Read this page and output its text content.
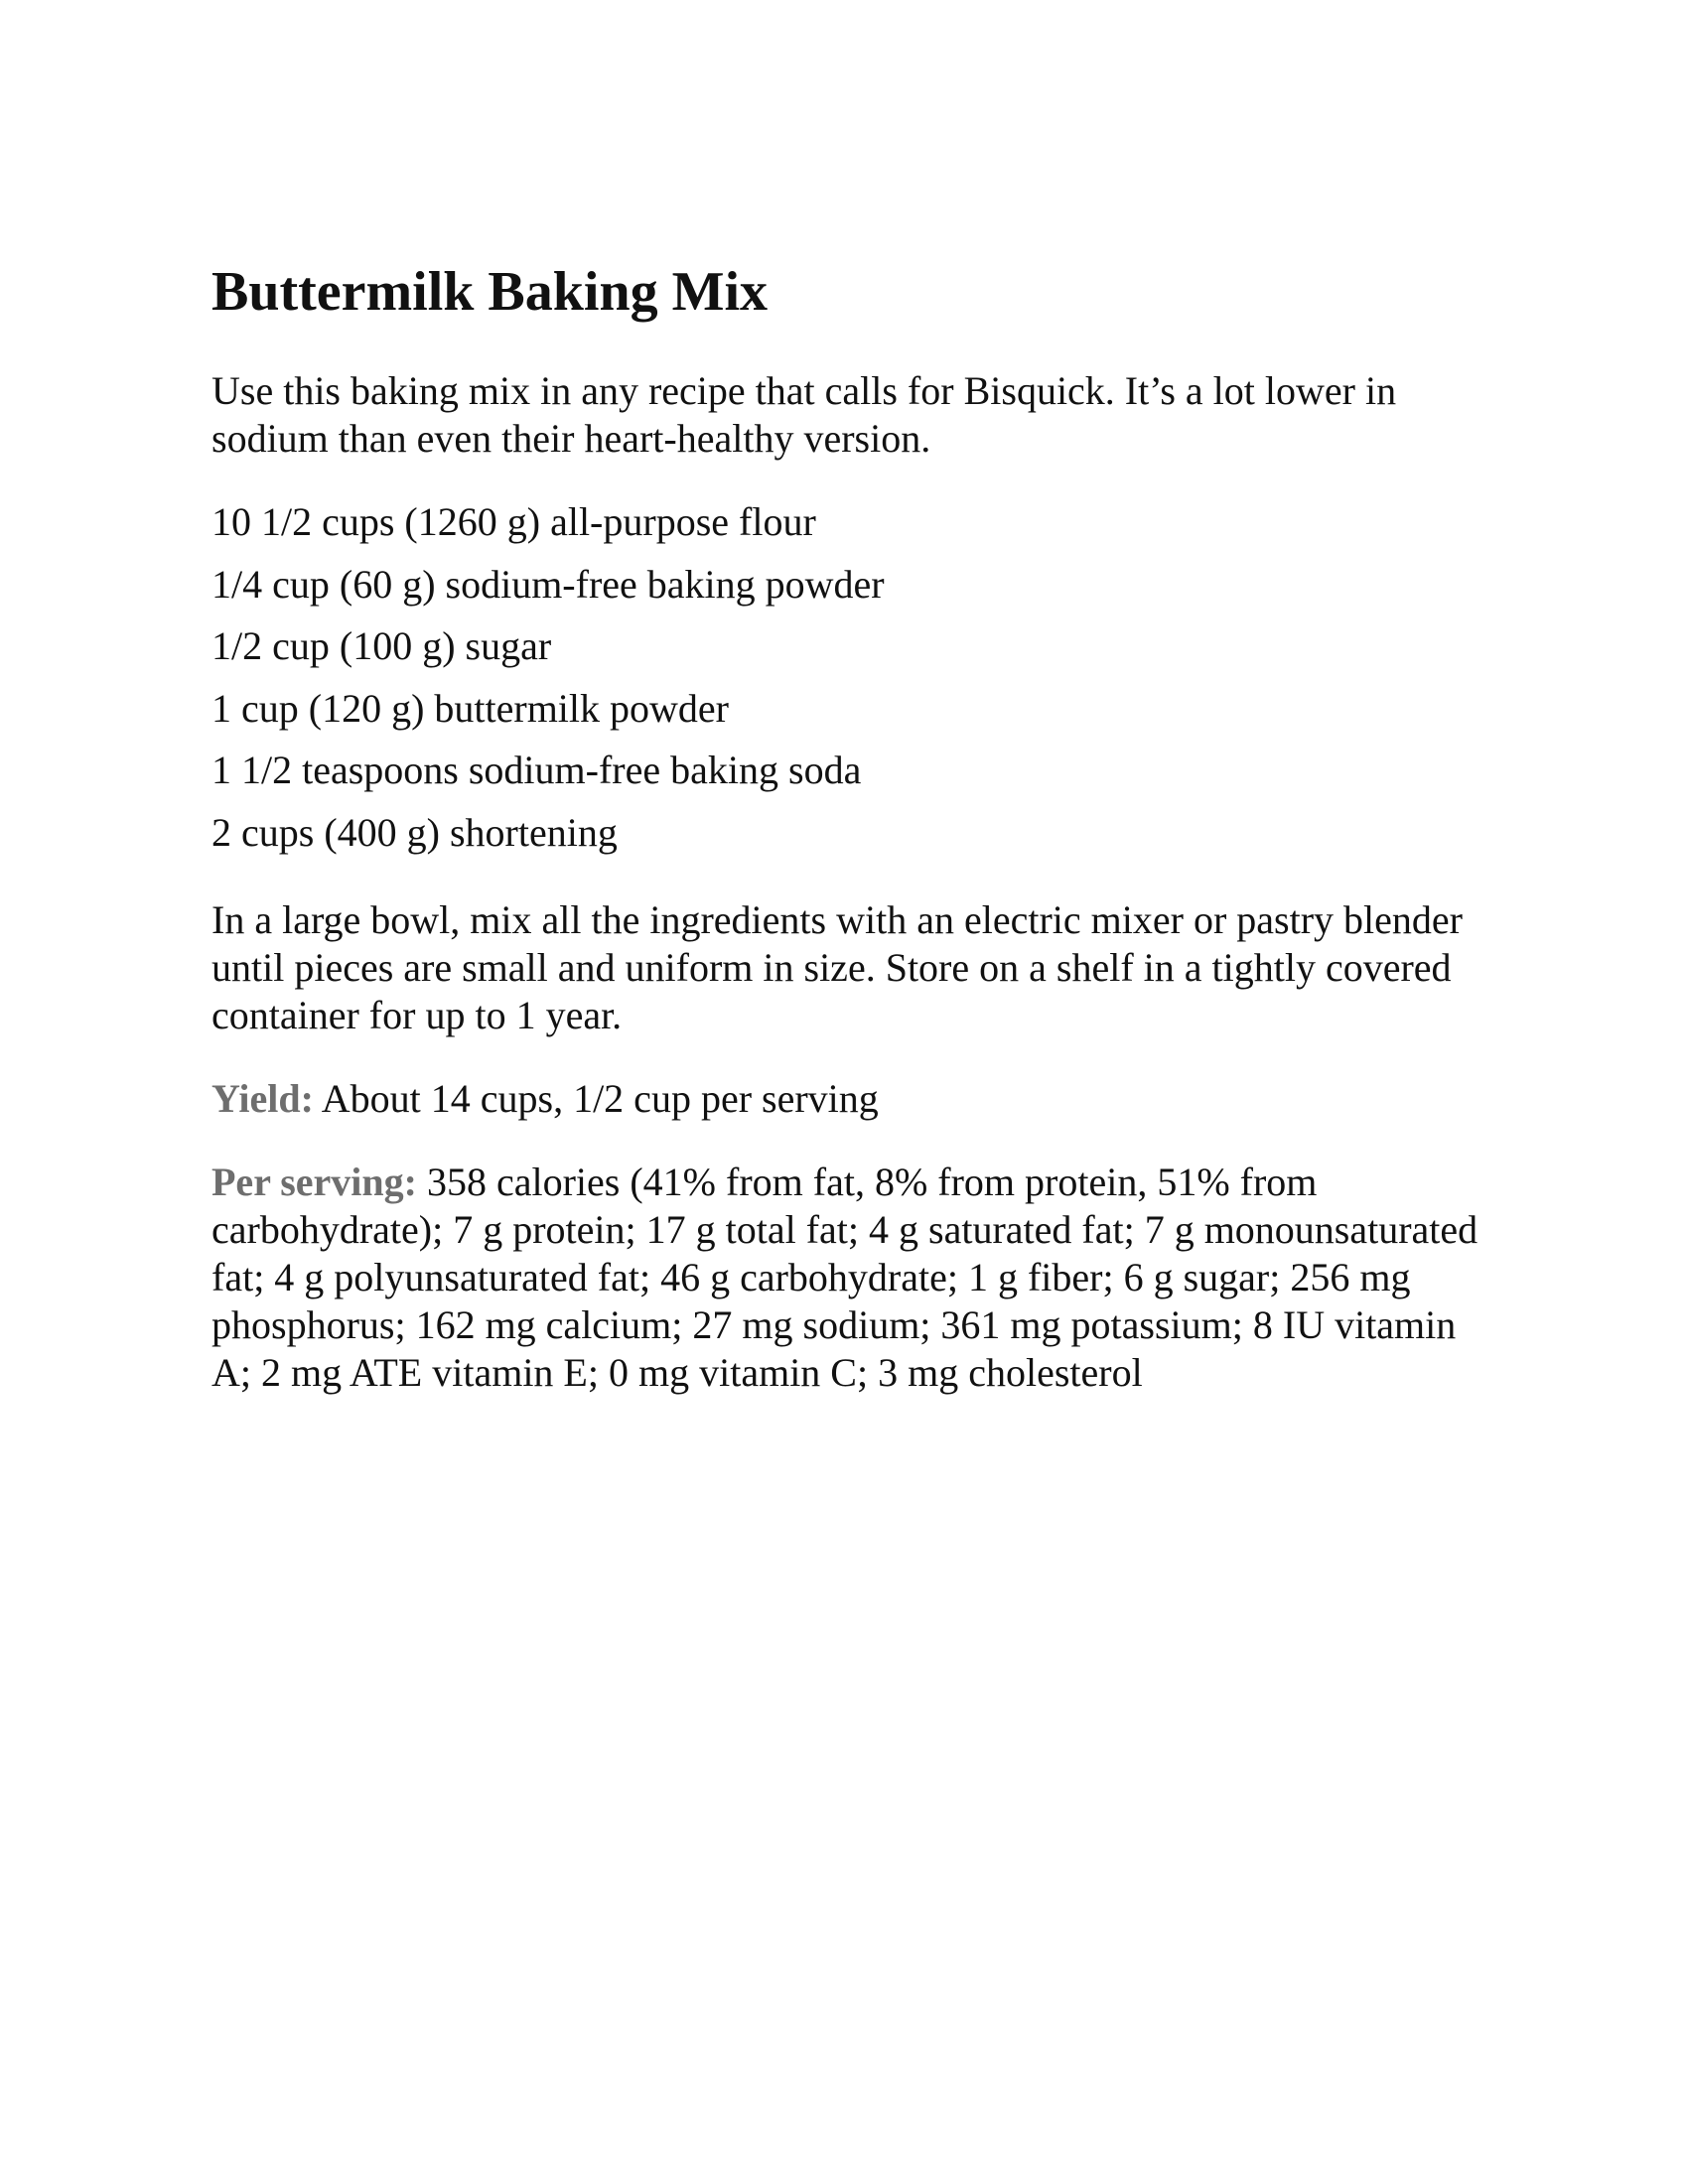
Buttermilk Baking Mix

Use this baking mix in any recipe that calls for Bisquick. It’s a lot lower in sodium than even their heart-healthy version.

10 1/2 cups (1260 g) all-purpose flour
1/4 cup (60 g) sodium-free baking powder
1/2 cup (100 g) sugar
1 cup (120 g) buttermilk powder
1 1/2 teaspoons sodium-free baking soda
2 cups (400 g) shortening

In a large bowl, mix all the ingredients with an electric mixer or pastry blender until pieces are small and uniform in size. Store on a shelf in a tightly covered container for up to 1 year.

Yield: About 14 cups, 1/2 cup per serving

Per serving: 358 calories (41% from fat, 8% from protein, 51% from carbohydrate); 7 g protein; 17 g total fat; 4 g saturated fat; 7 g monounsaturated fat; 4 g polyunsaturated fat; 46 g carbohydrate; 1 g fiber; 6 g sugar; 256 mg phosphorus; 162 mg calcium; 27 mg sodium; 361 mg potassium; 8 IU vitamin A; 2 mg ATE vitamin E; 0 mg vitamin C; 3 mg cholesterol
